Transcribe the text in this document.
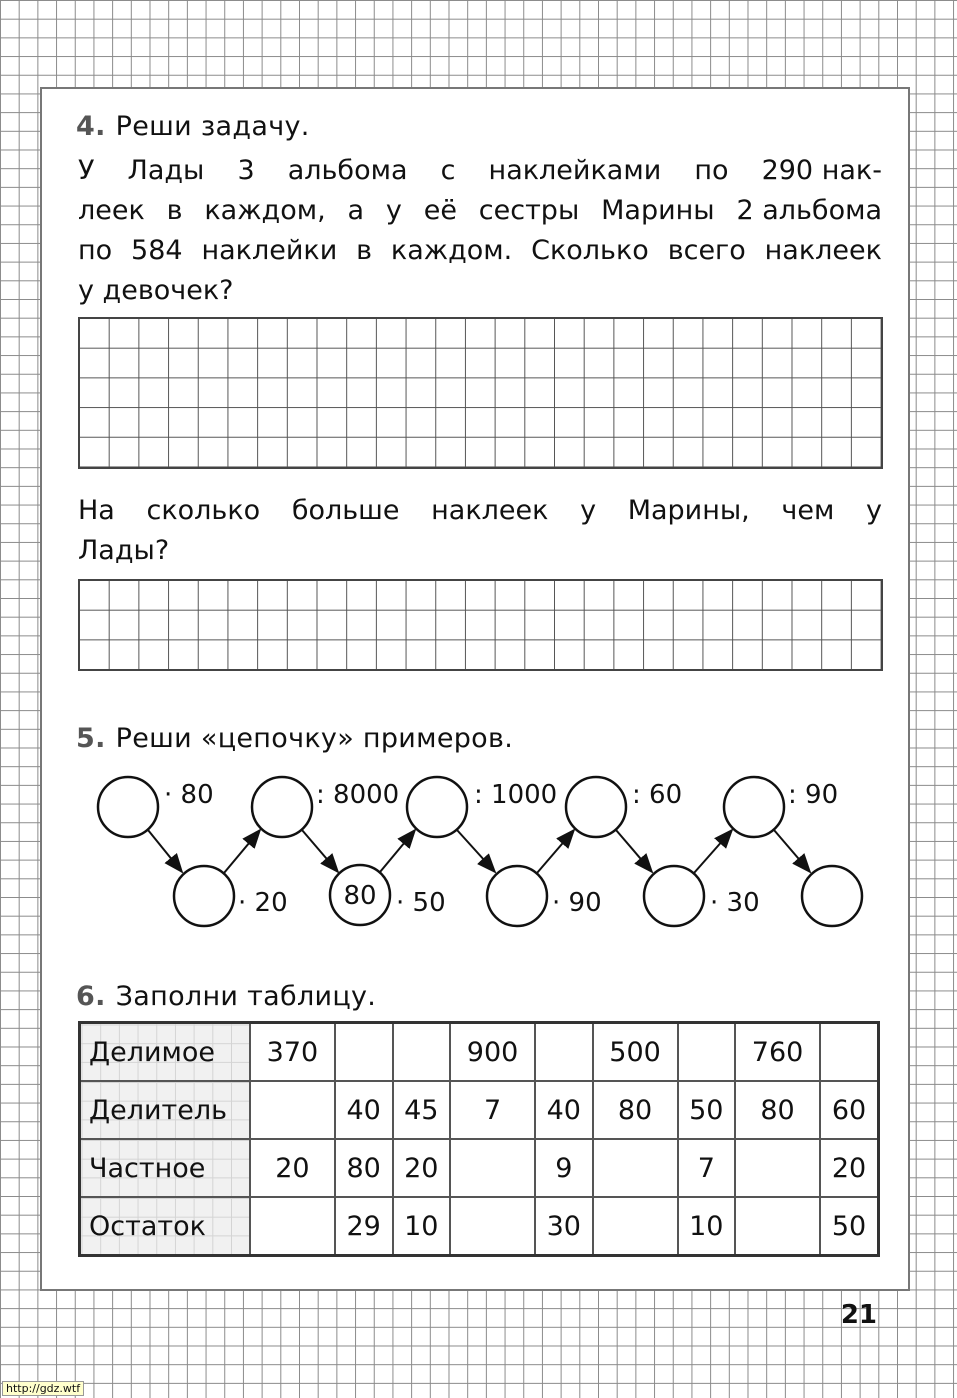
4. Реши задачу.
У Лады 3 альбома с наклейками по 290 нак-
леек в каждом, а у её сестры Марины 2 альбома
по 584 наклейки в каждом. Сколько всего наклеек
у девочек?
На сколько больше наклеек у Марины, чем у
Лады?
5. Реши «цепочку» примеров.
· 80	: 8000	: 1000	: 60	: 90
· 20	· 50	· 90	· 30
80
6. Заполни таблицу.
Делимое	370			900		500		760	
Делитель		40	45	7	40	80	50	80	60
Частное	20	80	20		9		7		20
Остаток		29	10		30		10		50
21
http://gdz.wtf
